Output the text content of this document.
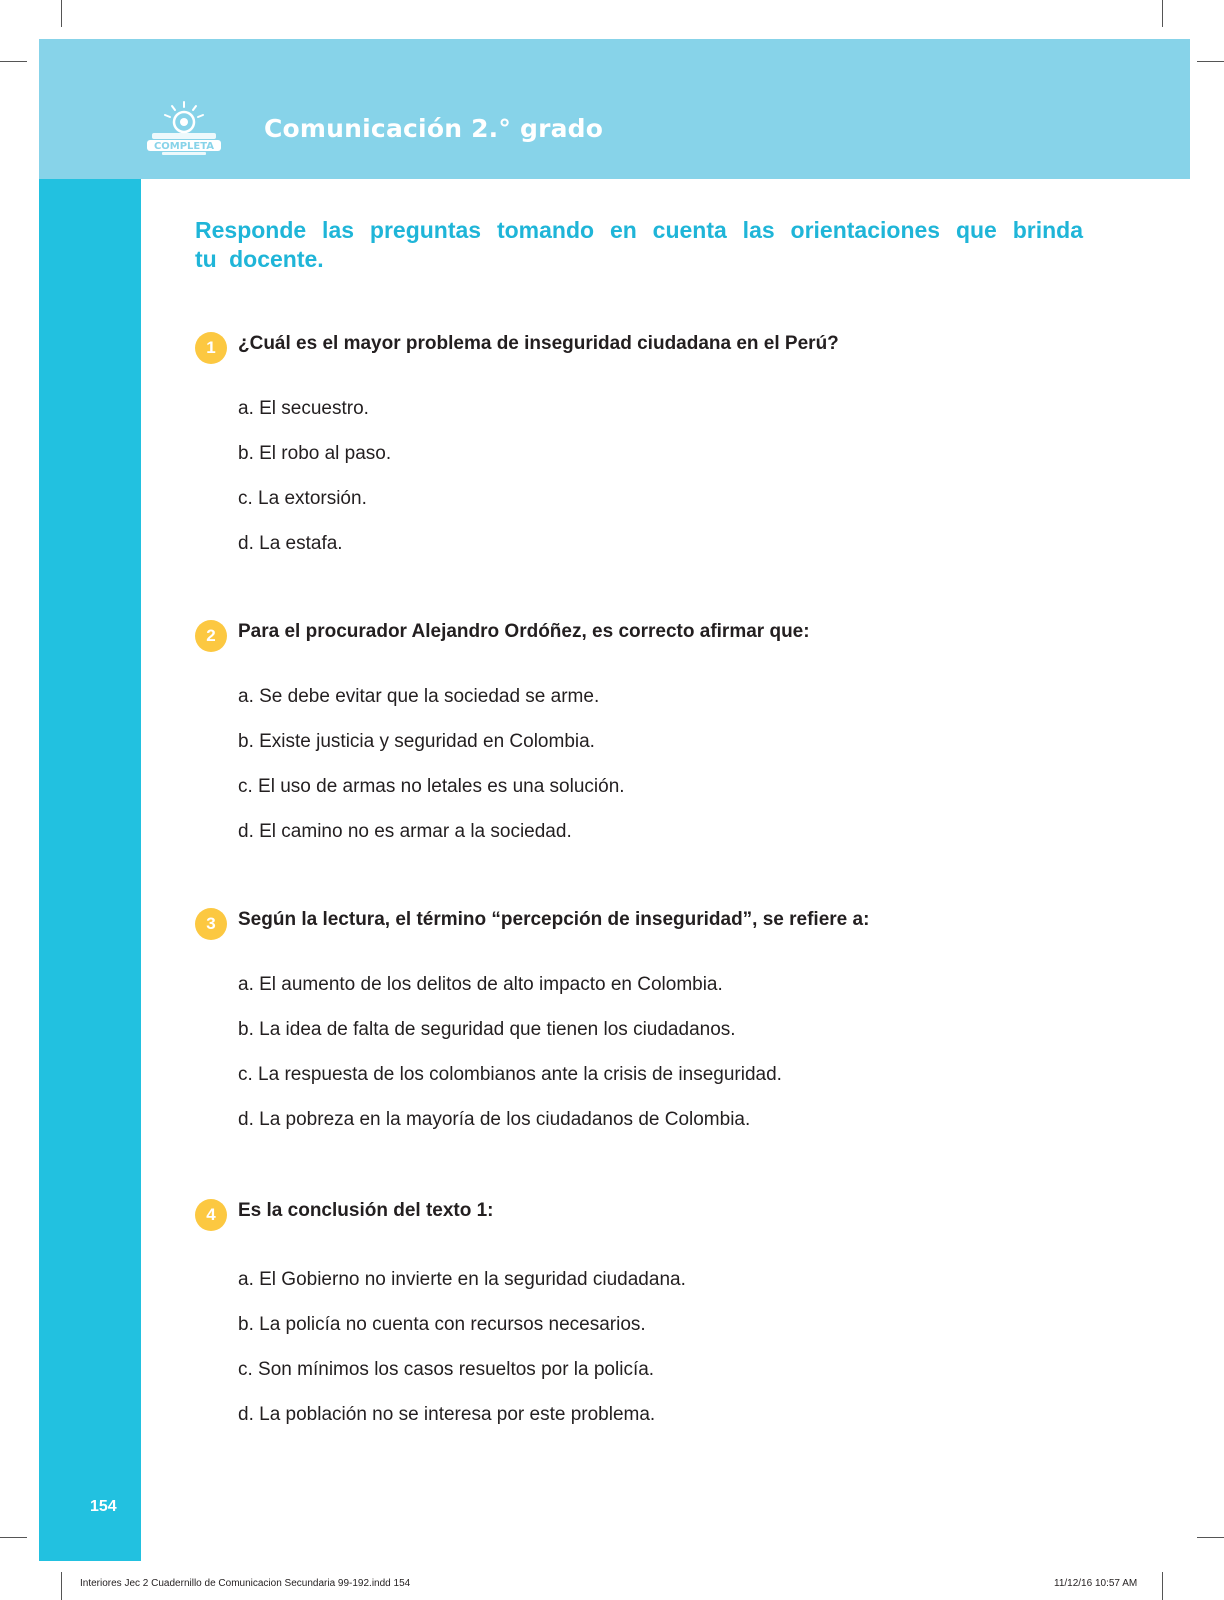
COMPLETA
Comunicación 2.° grado
Responde las preguntas tomando en cuenta las orientaciones que brinda tu docente.
1	¿Cuál es el mayor problema de inseguridad ciudadana en el Perú?
a. El secuestro.
b. El robo al paso.
c. La extorsión.
d. La estafa.
2	Para el procurador Alejandro Ordóñez, es correcto afirmar que:
a. Se debe evitar que la sociedad se arme.
b. Existe justicia y seguridad en Colombia.
c. El uso de armas no letales es una solución.
d. El camino no es armar a la sociedad.
3	Según la lectura, el término “percepción de inseguridad”, se refiere a:
a. El aumento de los delitos de alto impacto en Colombia.
b. La idea de falta de seguridad que tienen los ciudadanos.
c. La respuesta de los colombianos ante la crisis de inseguridad.
d. La pobreza en la mayoría de los ciudadanos de Colombia.
4	Es la conclusión del texto 1:
a. El Gobierno no invierte en la seguridad ciudadana.
b. La policía no cuenta con recursos necesarios.
c. Son mínimos los casos resueltos por la policía.
d. La población no se interesa por este problema.
154
Interiores Jec 2 Cuadernillo de Comunicacion Secundaria 99-192.indd 154	11/12/16 10:57 AM
